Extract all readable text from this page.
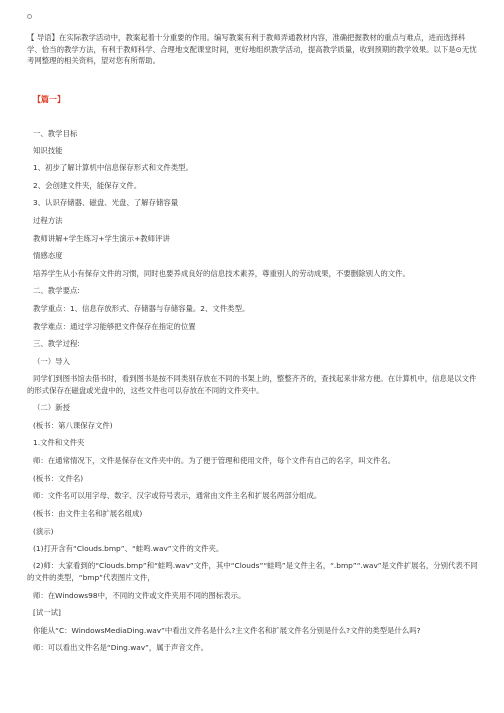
【 导语】在实际教学活动中，教案起着十分重要的作用。编写教案有利于教师弄通教材内容，准确把握教材的重点与难点，进而选择科学、恰当的教学方法，有利于教师科学、合理地支配课堂时间，更好地组织教学活动，提高教学质量，收到预期的教学效果。以下是⊙无忧考网整理的相关资料，望对您有所帮助。
【篇一】
一、教学目标
知识技能
1、初步了解计算机中信息保存形式和文件类型。
2、会创建文件夹，能保存文件。
3、认识存储器、磁盘、光盘、了解存储容量
过程方法
教师讲解+学生练习+学生演示+教师评讲
情感态度
培养学生从小有保存文件的习惯，同时也要养成良好的信息技术素养，尊重别人的劳动成果，不要删除别人的文件。
二、教学要点:
教学重点：1、信息存放形式、存储器与存储容量。2、文件类型。
教学难点：通过学习能够把文件保存在指定的位置
三、教学过程:
（一）导入
同学们到图书馆去借书时，看到图书是按不同类别存放在不同的书架上的，整整齐齐的，查找起来非常方便。在计算机中，信息是以文件的形式保存在磁盘或光盘中的，这些文件也可以存放在不同的文件夹中。
（二）新授
(板书：第八课保存文件)
1.文件和文件夹
师：在通常情况下，文件是保存在文件夹中的。为了便于管理和使用文件，每个文件有自己的名字，叫文件名。
(板书：文件名)
师：文件名可以用字母、数字、汉字或符号表示，通常由文件主名和扩展名两部分组成。
(板书：由文件主名和扩展名组成)
(演示)
(1)打开含有“Clouds.bmp”、“蛙鸣.wav”文件的文件夹。
(2)师：大家看到的“Clouds.bmp”和“蛙鸣.wav”文件，其中“Clouds”“蛙鸣”是文件主名，“.bmp”“.wav”是文件扩展名，分别代表不同的文件的类型，“bmp”代表图片文件，
师：在Windows98中，不同的文件或文件夹用不同的图标表示。
[试一试]
你能从“C：WindowsMediaDing.wav”中看出文件名是什么?主文件名和扩展文件名分别是什么?文件的类型是什么吗?
师：可以看出文件名是“Ding.wav”，属于声音文件。
